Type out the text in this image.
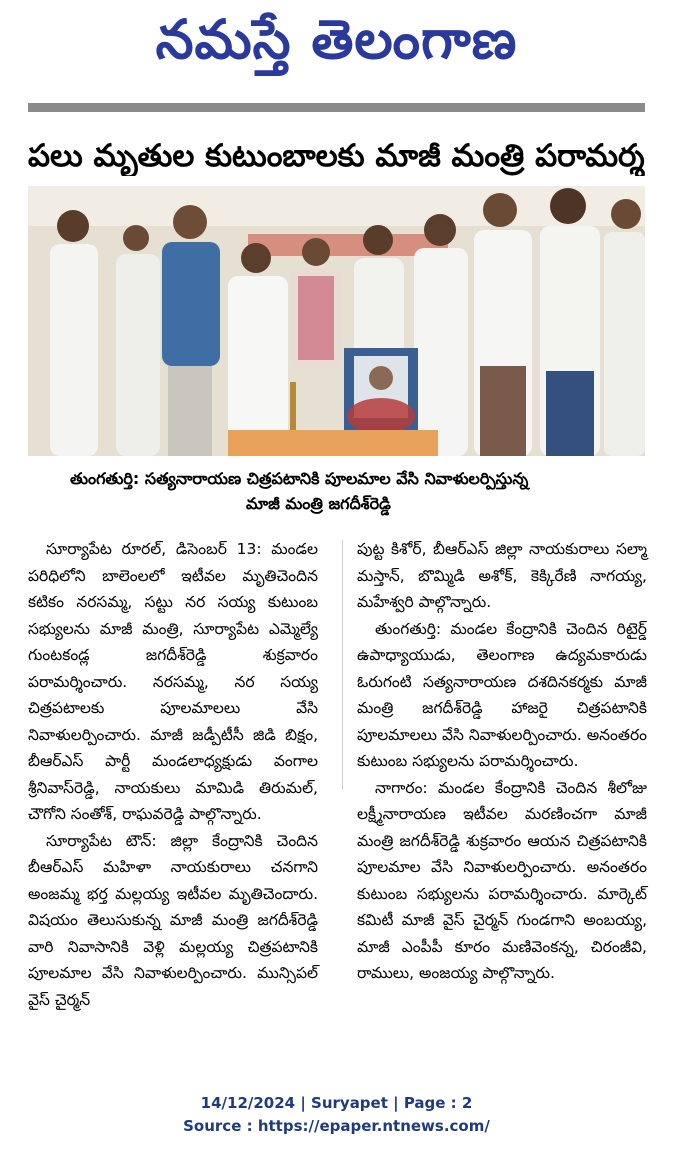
నమస్తే తెలంగాణ
పలు మృతుల కుటుంబాలకు మాజీ మంత్రి పరామర్శ
తుంగతుర్తి: సత్యనారాయణ చిత్రపటానికి పూలమాల వేసి నివాళులర్పిస్తున్న
మాజీ మంత్రి జగదీశ్‌రెడ్డి

సూర్యాపేట రూరల్, డిసెంబర్ 13: మండల పరిధిలోని బాలెంలలో ఇటీవల మృతిచెందిన కటికం నరసమ్మ, సట్టు నర సయ్య కుటుంబ సభ్యులను మాజీ మంత్రి, సూర్యాపేట ఎమ్మెల్యే గుంటకండ్ల జగదీశ్‌రెడ్డి శుక్రవారం పరామర్శించారు. నరసమ్మ, నర సయ్య చిత్రపటాలకు పూలమాలలు వేసి నివాళులర్పించారు. మాజీ జడ్పీటీసీ జిడి బిక్షం, బీఆర్‌ఎస్ పార్టీ మండలాధ్యక్షుడు వంగాల శ్రీనివాస్‌రెడ్డి, నాయకులు మామిడి తిరుమల్, చౌగోని సంతోశ్, రాఘవరెడ్డి పాల్గొన్నారు.

సూర్యాపేట టౌన్: జిల్లా కేంద్రానికి చెందిన బీఆర్‌ఎస్ మహిళా నాయకురాలు చనగాని అంజమ్మ భర్త మల్లయ్య ఇటీవల మృతిచెందారు. విషయం తెలుసుకున్న మాజీ మంత్రి జగదీశ్‌రెడ్డి వారి నివాసానికి వెళ్లి మల్లయ్య చిత్రపటానికి పూలమాల వేసి నివాళులర్పించారు. మున్సిపల్ వైస్ చైర్మన్

పుట్ట కిశోర్, బీఆర్‌ఎస్ జిల్లా నాయకురాలు సల్మా మస్తాన్, బొమ్మిడి అశోక్, కెక్కిరేణి నాగయ్య, మహేశ్వరి పాల్గొన్నారు.

తుంగతుర్తి: మండల కేంద్రానికి చెందిన రిటైర్డ్ ఉపాధ్యాయుడు, తెలంగాణ ఉద్యమకారుడు ఓరుగంటి సత్యనారాయణ దశదినకర్మకు మాజీ మంత్రి జగదీశ్‌రెడ్డి హాజరై చిత్రపటానికి పూలమాలలు వేసి నివాళులర్పించారు. అనంతరం కుటుంబ సభ్యులను పరామర్శించారు.

నాగారం: మండల కేంద్రానికి చెందిన శీలోజు లక్ష్మీనారాయణ ఇటీవల మరణించగా మాజీ మంత్రి జగదీశ్‌రెడ్డి శుక్రవారం ఆయన చిత్రపటానికి పూలమాల వేసి నివాళులర్పించారు. అనంతరం కుటుంబ సభ్యులను పరామర్శించారు. మార్కెట్ కమిటీ మాజీ వైస్ చైర్మన్ గుండగాని అంబయ్య, మాజీ ఎంపీపీ కూరం మణివెంకన్న, చిరంజీవి, రాములు, అంజయ్య పాల్గొన్నారు.

14/12/2024 | Suryapet | Page : 2
Source : https://epaper.ntnews.com/
